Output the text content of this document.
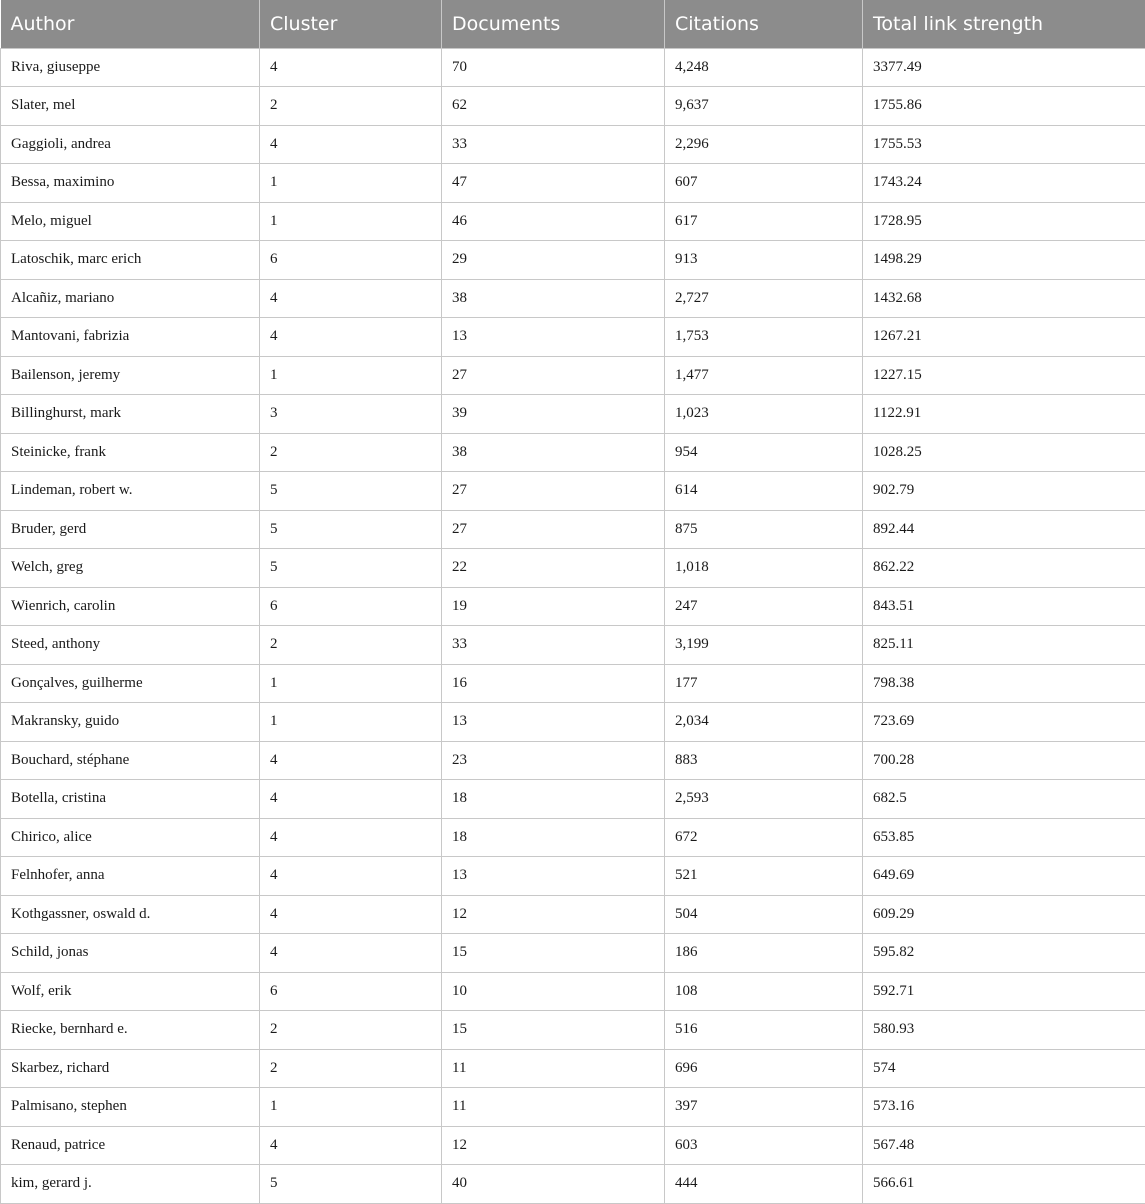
Author	Cluster	Documents	Citations	Total link strength
Riva, giuseppe	4	70	4,248	3377.49
Slater, mel	2	62	9,637	1755.86
Gaggioli, andrea	4	33	2,296	1755.53
Bessa, maximino	1	47	607	1743.24
Melo, miguel	1	46	617	1728.95
Latoschik, marc erich	6	29	913	1498.29
Alcañiz, mariano	4	38	2,727	1432.68
Mantovani, fabrizia	4	13	1,753	1267.21
Bailenson, jeremy	1	27	1,477	1227.15
Billinghurst, mark	3	39	1,023	1122.91
Steinicke, frank	2	38	954	1028.25
Lindeman, robert w.	5	27	614	902.79
Bruder, gerd	5	27	875	892.44
Welch, greg	5	22	1,018	862.22
Wienrich, carolin	6	19	247	843.51
Steed, anthony	2	33	3,199	825.11
Gonçalves, guilherme	1	16	177	798.38
Makransky, guido	1	13	2,034	723.69
Bouchard, stéphane	4	23	883	700.28
Botella, cristina	4	18	2,593	682.5
Chirico, alice	4	18	672	653.85
Felnhofer, anna	4	13	521	649.69
Kothgassner, oswald d.	4	12	504	609.29
Schild, jonas	4	15	186	595.82
Wolf, erik	6	10	108	592.71
Riecke, bernhard e.	2	15	516	580.93
Skarbez, richard	2	11	696	574
Palmisano, stephen	1	11	397	573.16
Renaud, patrice	4	12	603	567.48
kim, gerard j.	5	40	444	566.61
